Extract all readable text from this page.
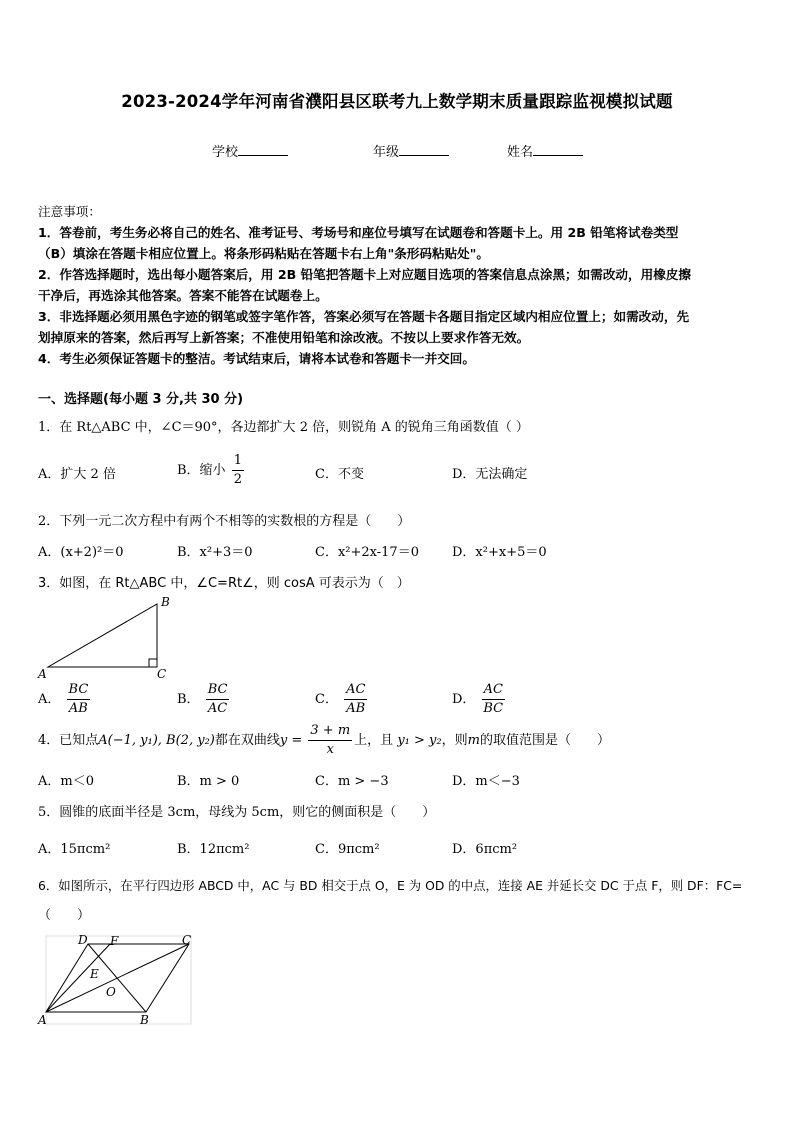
2023-2024学年河南省濮阳县区联考九上数学期末质量跟踪监视模拟试题
学校	年级	姓名
注意事项：
1．答卷前，考生务必将自己的姓名、准考证号、考场号和座位号填写在试题卷和答题卡上。用 2B 铅笔将试卷类型
（B）填涂在答题卡相应位置上。将条形码粘贴在答题卡右上角"条形码粘贴处"。
2．作答选择题时，选出每小题答案后，用 2B 铅笔把答题卡上对应题目选项的答案信息点涂黑；如需改动，用橡皮擦
干净后，再选涂其他答案。答案不能答在试题卷上。
3．非选择题必须用黑色字迹的钢笔或签字笔作答，答案必须写在答题卡各题目指定区域内相应位置上；如需改动，先
划掉原来的答案，然后再写上新答案；不准使用铅笔和涂改液。不按以上要求作答无效。
4．考生必须保证答题卡的整洁。考试结束后，请将本试卷和答题卡一并交回。
一、选择题(每小题 3 分,共 30 分)
1．在 Rt△ABC 中，∠C＝90°，各边都扩大 2 倍，则锐角 A 的锐角三角函数值（ ）
A．扩大 2 倍	B．缩小 $\frac{1}{2}$	C．不变	D．无法确定
2．下列一元二次方程中有两个不相等的实数根的方程是（　　）
A．(x+2)²＝0	B．x²+3＝0	C．x²+2x-17＝0	D．x²+x+5＝0
3．如图，在 Rt△ABC 中，∠C=Rt∠，则 cosA 可表示为（　）
A
B
C
A． $\frac{BC}{AB}$	B． $\frac{BC}{AC}$	C． $\frac{AC}{AB}$	D． $\frac{AC}{BC}$
4．已知点A(−1, y₁), B(2, y₂)都在双曲线$y = \frac{3 + m}{x}$ 上，且 y₁ > y₂，则m的取值范围是（　　）
A．m＜0	B．m > 0	C．m > −3	D．m＜−3
5．圆锥的底面半径是 3cm，母线为 5cm，则它的侧面积是（　　）
A．15πcm²	B．12πcm²	C．9πcm²	D．6πcm²
6．如图所示，在平行四边形 ABCD 中，AC 与 BD 相交于点 O，E 为 OD 的中点，连接 AE 并延长交 DC 于点 F，则 DF：FC=
（　　）
A	B
C
D
E
F
O
